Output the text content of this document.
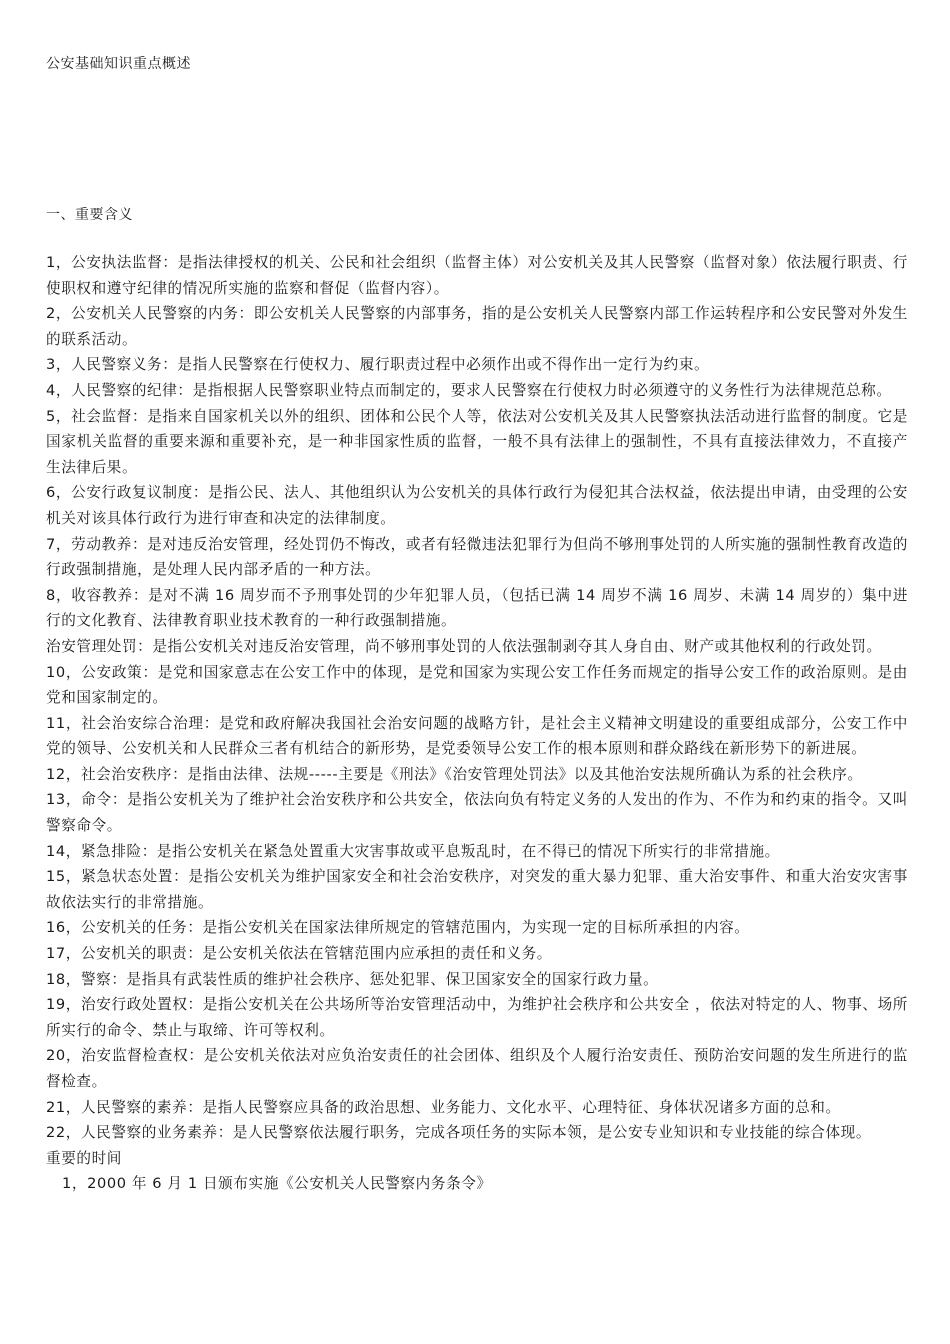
公安基础知识重点概述
一、重要含义

1，公安执法监督：是指法律授权的机关、公民和社会组织（监督主体）对公安机关及其人民警察（监督对象）依法履行职责、行使职权和遵守纪律的情况所实施的监察和督促（监督内容）。

2，公安机关人民警察的内务：即公安机关人民警察的内部事务，指的是公安机关人民警察内部工作运转程序和公安民警对外发生的联系活动。

3，人民警察义务：是指人民警察在行使权力、履行职责过程中必须作出或不得作出一定行为约束。

4，人民警察的纪律：是指根据人民警察职业特点而制定的，要求人民警察在行使权力时必须遵守的义务性行为法律规范总称。

5，社会监督：是指来自国家机关以外的组织、团体和公民个人等，依法对公安机关及其人民警察执法活动进行监督的制度。它是国家机关监督的重要来源和重要补充，是一种非国家性质的监督，一般不具有法律上的强制性，不具有直接法律效力，不直接产生法律后果。

6，公安行政复议制度：是指公民、法人、其他组织认为公安机关的具体行政行为侵犯其合法权益，依法提出申请，由受理的公安机关对该具体行政行为进行审查和决定的法律制度。

7，劳动教养：是对违反治安管理，经处罚仍不悔改，或者有轻微违法犯罪行为但尚不够刑事处罚的人所实施的强制性教育改造的行政强制措施，是处理人民内部矛盾的一种方法。

8，收容教养：是对不满 16 周岁而不予刑事处罚的少年犯罪人员，（包括已满 14 周岁不满 16 周岁、未满 14 周岁的）集中进行的文化教育、法律教育职业技术教育的一种行政强制措施。

治安管理处罚：是指公安机关对违反治安管理，尚不够刑事处罚的人依法强制剥夺其人身自由、财产或其他权利的行政处罚。

10，公安政策：是党和国家意志在公安工作中的体现，是党和国家为实现公安工作任务而规定的指导公安工作的政治原则。是由党和国家制定的。

11，社会治安综合治理：是党和政府解决我国社会治安问题的战略方针，是社会主义精神文明建设的重要组成部分，公安工作中党的领导、公安机关和人民群众三者有机结合的新形势，是党委领导公安工作的根本原则和群众路线在新形势下的新进展。

12，社会治安秩序：是指由法律、法规-----主要是《刑法》《治安管理处罚法》以及其他治安法规所确认为系的社会秩序。

13，命令：是指公安机关为了维护社会治安秩序和公共安全，依法向负有特定义务的人发出的作为、不作为和约束的指令。又叫警察命令。

14，紧急排险：是指公安机关在紧急处置重大灾害事故或平息叛乱时，在不得已的情况下所实行的非常措施。

15，紧急状态处置：是指公安机关为维护国家安全和社会治安秩序，对突发的重大暴力犯罪、重大治安事件、和重大治安灾害事故依法实行的非常措施。

16，公安机关的任务：是指公安机关在国家法律所规定的管辖范围内，为实现一定的目标所承担的内容。

17，公安机关的职责：是公安机关依法在管辖范围内应承担的责任和义务。

18，警察：是指具有武装性质的维护社会秩序、惩处犯罪、保卫国家安全的国家行政力量。

19，治安行政处置权：是指公安机关在公共场所等治安管理活动中，为维护社会秩序和公共安全 ，依法对特定的人、物事、场所所实行的命令、禁止与取缔、许可等权利。

20，治安监督检查权：是公安机关依法对应负治安责任的社会团体、组织及个人履行治安责任、预防治安问题的发生所进行的监督检查。

21，人民警察的素养：是指人民警察应具备的政治思想、业务能力、文化水平、心理特征、身体状况诸多方面的总和。

22，人民警察的业务素养：是人民警察依法履行职务，完成各项任务的实际本领，是公安专业知识和专业技能的综合体现。

重要的时间

1，2000 年 6 月 1 日颁布实施《公安机关人民警察内务条令》
